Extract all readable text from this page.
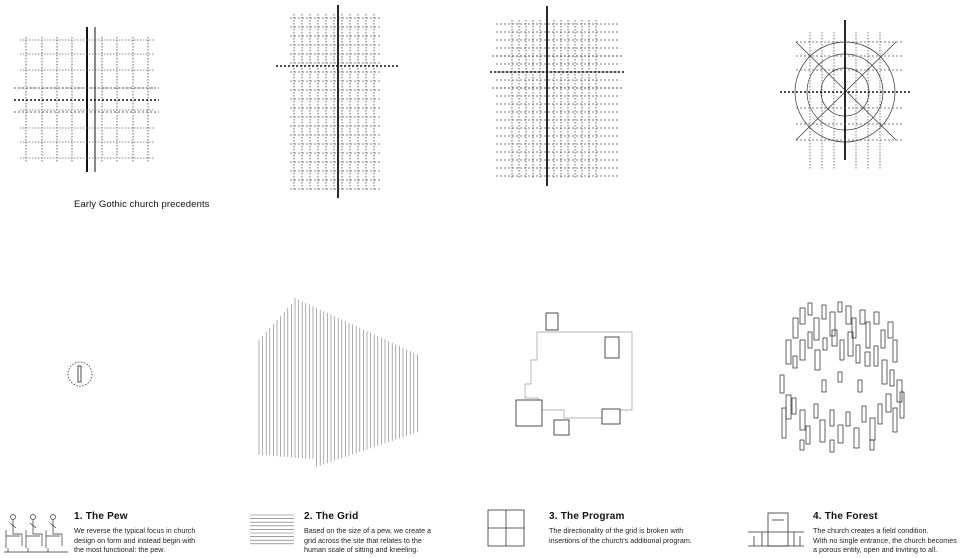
Early Gothic church precedents
1. The Pew
We reverse the typical focus in church
design on form and instead begin with
the most functional: the pew.
2. The Grid
Based on the size of a pew, we create a
grid across the site that relates to the
human scale of sitting and kneeling.
3. The Program
The directionality of the grid is broken with
insertions of the church's additional program.
4. The Forest
The church creates a field condition.
With no single entrance, the church becomes
a porous entity, open and inviting to all.
